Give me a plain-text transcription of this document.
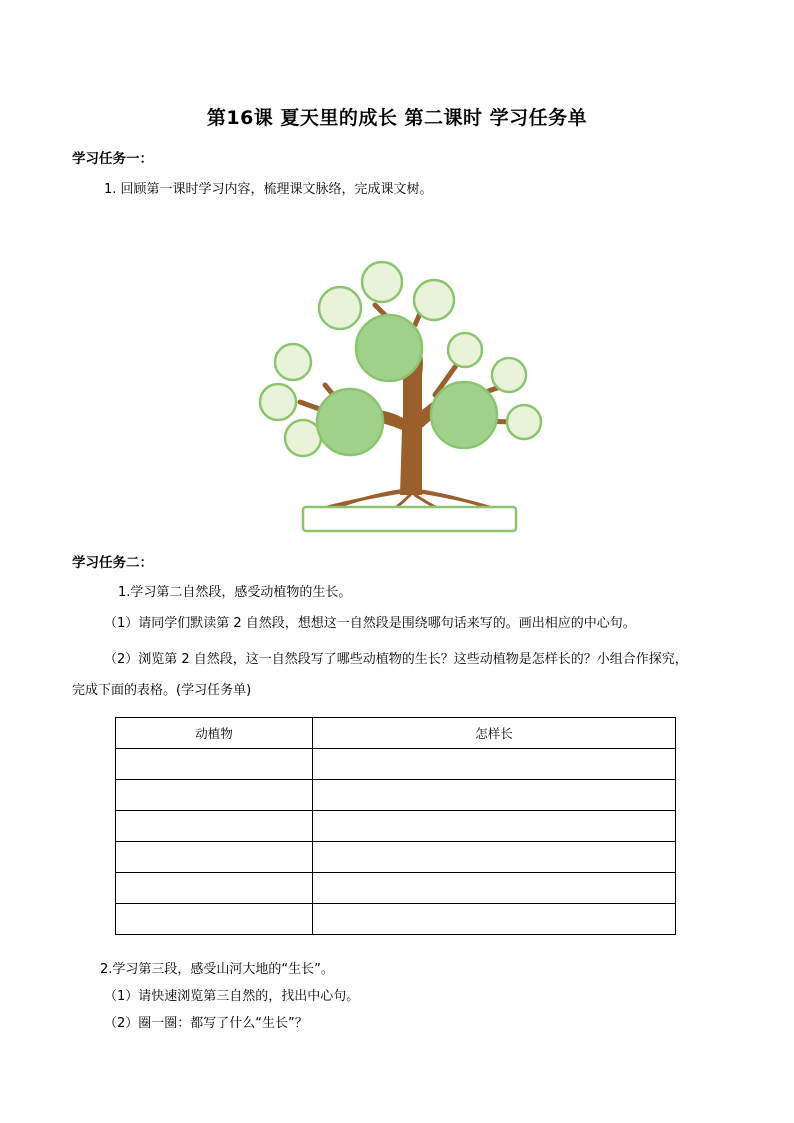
第16课 夏天里的成长 第二课时 学习任务单
学习任务一：
1. 回顾第一课时学习内容，梳理课文脉络，完成课文树。
学习任务二：
1.学习第二自然段，感受动植物的生长。
（1）请同学们默读第 2 自然段，想想这一自然段是围绕哪句话来写的。画出相应的中心句。
（2）浏览第 2 自然段，这一自然段写了哪些动植物的生长？这些动植物是怎样长的？小组合作探究，
完成下面的表格。(学习任务单)
动植物	怎样长

2.学习第三段，感受山河大地的“生长”。
（1）请快速浏览第三自然的，找出中心句。
（2）圈一圈：都写了什么“生长”？
